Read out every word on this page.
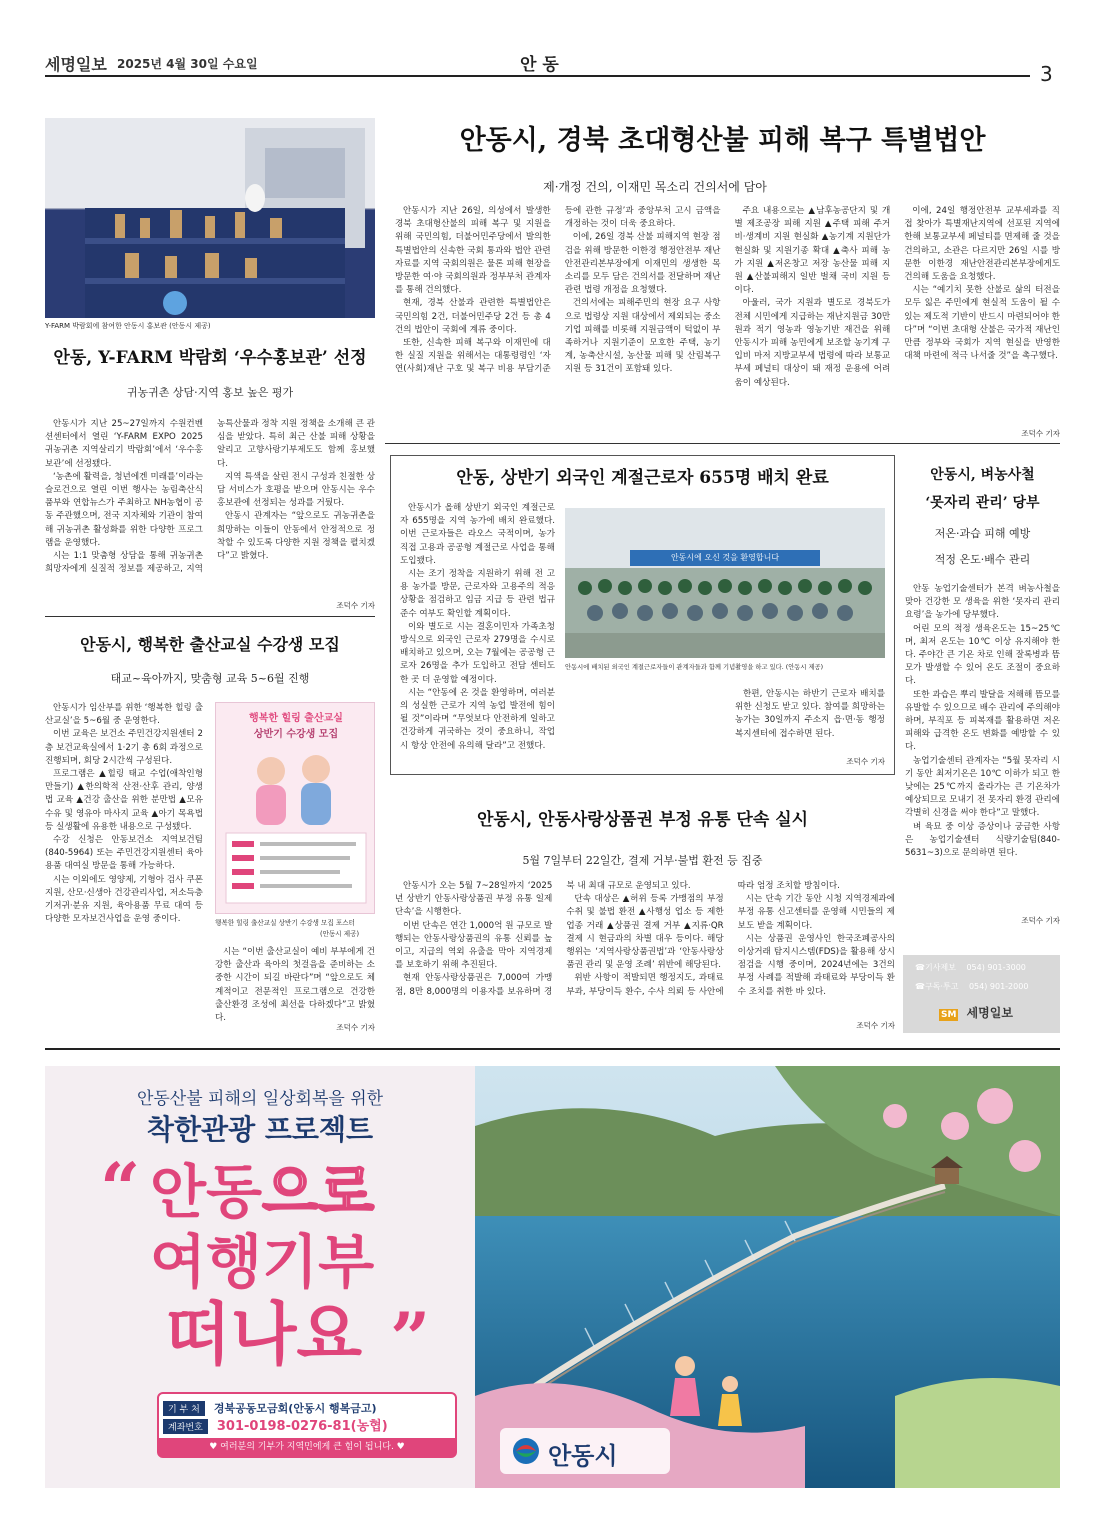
세명일보 2025년 4월 30일 수요일	안 동	3
Y-FARM 박람회에 참여한 안동시 홍보관 (안동시 제공)
안동, Y-FARM 박람회 ‘우수홍보관’ 선정
귀농귀촌 상담·지역 홍보 높은 평가

안동시가 지난 25~27일까지 수원컨벤션센터에서 열린 ‘Y-FARM EXPO 2025 귀농귀촌 지역살리기 박람회’에서 ‘우수홍보관’에 선정됐다.

‘농촌에 활력을, 청년에겐 미래를’이라는 슬로건으로 열린 이번 행사는 농림축산식품부와 연합뉴스가 주최하고 NH농협이 공동 주관했으며, 전국 지자체와 기관이 참여해 귀농귀촌 활성화를 위한 다양한 프로그램을 운영했다.

시는 1:1 맞춤형 상담을 통해 귀농귀촌 희망자에게 실질적 정보를 제공하고, 지역 농특산물과 정착 지원 정책을 소개해 큰 관심을 받았다. 특히 최근 산불 피해 상황을 알리고 고향사랑기부제도도 함께 홍보했다.

지역 특색을 살린 전시 구성과 친절한 상담 서비스가 호평을 받으며 안동시는 우수홍보관에 선정되는 성과를 거뒀다.

안동시 관계자는 “앞으로도 귀농귀촌을 희망하는 이들이 안동에서 안정적으로 정착할 수 있도록 다양한 지원 정책을 펼치겠다”고 밝혔다.

조덕수 기자
안동시, 행복한 출산교실 수강생 모집
태교~육아까지, 맞춤형 교육 5~6월 진행

안동시가 임산부를 위한 ‘행복한 힐링 출산교실’을 5~6월 중 운영한다.

이번 교육은 보건소 주민건강지원센터 2층 보건교육실에서 1·2기 총 6회 과정으로 진행되며, 회당 2시간씩 구성된다.

프로그램은 ▲힐링 태교 수업(애착인형 만들기) ▲한의학적 산전·산후 관리, 양생법 교육 ▲건강 출산을 위한 분만법 ▲모유수유 및 영유아 마사지 교육 ▲아기 목욕법 등 실생활에 유용한 내용으로 구성됐다.

수강 신청은 안동보건소 지역보건팀(840-5964) 또는 주민건강지원센터 육아용품 대여실 방문을 통해 가능하다.

시는 이외에도 영양제, 기형아 검사 쿠폰 지원, 산모·신생아 건강관리사업, 저소득층 기저귀·분유 지원, 육아용품 무료 대여 등 다양한 모자보건사업을 운영 중이다.

행복한 힐링 출산교실
상반기 수강생 모집
행복한 힐링 출산교실 상반기 수강생 모집 포스터
(안동시 제공)

시는 “이번 출산교실이 예비 부부에게 건강한 출산과 육아의 첫걸음을 준비하는 소중한 시간이 되길 바란다”며 “앞으로도 체계적이고 전문적인 프로그램으로 건강한 출산환경 조성에 최선을 다하겠다”고 밝혔다.

조덕수 기자
안동시, 경북 초대형산불 피해 복구 특별법안
제·개정 건의, 이재민 목소리 건의서에 담아

안동시가 지난 26일, 의성에서 발생한 경북 초대형산불의 피해 복구 및 지원을 위해 국민의힘, 더불어민주당에서 발의한 특별법안의 신속한 국회 통과와 법안 관련 자료를 지역 국회의원은 물론 피해 현장을 방문한 여·야 국회의원과 정부부처 관계자를 통해 건의했다.

현재, 경북 산불과 관련한 특별법안은 국민의힘 2건, 더불어민주당 2건 등 총 4건의 법안이 국회에 계류 중이다.

또한, 신속한 피해 복구와 이재민에 대한 실질 지원을 위해서는 대통령령인 ‘자연(사회)재난 구호 및 복구 비용 부담기준 등에 관한 규정’과 중앙부처 고시 금액을 개정하는 것이 더욱 중요하다.

이에, 26일 경북 산불 피해지역 현장 점검을 위해 방문한 이한경 행정안전부 재난안전관리본부장에게 이재민의 생생한 목소리를 모두 담은 건의서를 전달하며 재난 관련 법령 개정을 요청했다.

건의서에는 피해주민의 현장 요구 사항으로 법령상 지원 대상에서 제외되는 중소기업 피해를 비롯해 지원금액이 턱없이 부족하거나 지원기준이 모호한 주택, 농기계, 농축산시설, 농산물 피해 및 산림복구 지원 등 31건이 포함돼 있다.

주요 내용으로는 ▲남후농공단지 및 개별 제조공장 피해 지원 ▲주택 피해 주거비·생계비 지원 현실화 ▲농기계 지원단가 현실화 및 지원기종 확대 ▲축사 피해 농가 지원 ▲저온창고 저장 농산물 피해 지원 ▲산불피해지 일반 벌채 국비 지원 등이다.

아울러, 국가 지원과 별도로 경북도가 전체 시민에게 지급하는 재난지원금 30만 원과 적기 영농과 영농기반 재건을 위해 안동시가 피해 농민에게 보조할 농기계 구입비 마저 지방교부세 법령에 따라 보통교부세 페널티 대상이 돼 재정 운용에 어려움이 예상된다.

이에, 24일 행정안전부 교부세과를 직접 찾아가 특별재난지역에 선포된 지역에 한해 보통교부세 페널티를 면제해 줄 것을 건의하고, 소관은 다르지만 26일 시를 방문한 이한경 재난안전관리본부장에게도 건의해 도움을 요청했다.

시는 “예기치 못한 산불로 삶의 터전을 모두 잃은 주민에게 현실적 도움이 될 수 있는 제도적 기반이 반드시 마련되어야 한다”며 “이번 초대형 산불은 국가적 재난인 만큼 정부와 국회가 지역 현실을 반영한 대책 마련에 적극 나서줄 것”을 촉구했다.

조덕수 기자
안동, 상반기 외국인 계절근로자 655명 배치 완료

안동시가 올해 상반기 외국인 계절근로자 655명을 지역 농가에 배치 완료했다. 이번 근로자들은 라오스 국적이며, 농가 직접 고용과 공공형 계절근로 사업을 통해 도입됐다.

시는 조기 정착을 지원하기 위해 전 고용 농가를 방문, 근로자와 고용주의 적응 상황을 점검하고 임금 지급 등 관련 법규 준수 여부도 확인할 계획이다.

이와 별도로 시는 결혼이민자 가족초청 방식으로 외국인 근로자 279명을 수시로 배치하고 있으며, 오는 7월에는 공공형 근로자 26명을 추가 도입하고 전담 센터도 한 곳 더 운영할 예정이다.

시는 “안동에 온 것을 환영하며, 여러분의 성실한 근로가 지역 농업 발전에 힘이 될 것”이라며 “무엇보다 안전하게 일하고 건강하게 귀국하는 것이 중요하니, 작업 시 항상 안전에 유의해 달라”고 전했다.

안동시에 오신 것을 환영합니다
안동시에 배치된 외국인 계절근로자들이 관계자들과 함께 기념촬영을 하고 있다. (안동시 제공)

한편, 안동시는 하반기 근로자 배치를 위한 신청도 받고 있다. 참여를 희망하는 농가는 30일까지 주소지 읍·면·동 행정복지센터에 접수하면 된다.

조덕수 기자
안동시, 벼농사철
‘못자리 관리’ 당부
저온·과습 피해 예방
적정 온도·배수 관리

안동 농업기술센터가 본격 벼농사철을 맞아 건강한 모 생육을 위한 ‘못자리 관리 요령’을 농가에 당부했다.

어린 모의 적정 생육온도는 15~25℃며, 최저 온도는 10℃ 이상 유지해야 한다. 주야간 큰 기온 차로 인해 잘록병과 뜸모가 발생할 수 있어 온도 조절이 중요하다.

또한 과습은 뿌리 발달을 저해해 뜸모를 유발할 수 있으므로 배수 관리에 주의해야 하며, 부직포 등 피복재를 활용하면 저온 피해와 급격한 온도 변화를 예방할 수 있다.

농업기술센터 관계자는 “5월 못자리 시기 동안 최저기온은 10℃ 이하가 되고 한낮에는 25℃까지 올라가는 큰 기온차가 예상되므로 모내기 전 못자리 환경 관리에 각별히 신경을 써야 한다”고 말했다.

벼 육묘 중 이상 증상이나 궁금한 사항은 농업기술센터 식량기술팀(840-5631~3)으로 문의하면 된다.

조덕수 기자
☎기사제보 054) 901-3000
☎구독·투고 054) 901-2000
SM 세명일보
안동시, 안동사랑상품권 부정 유통 단속 실시
5월 7일부터 22일간, 결제 거부·불법 환전 등 집중

안동시가 오는 5월 7~28일까지 ‘2025년 상반기 안동사랑상품권 부정 유통 일제 단속’을 시행한다.

이번 단속은 연간 1,000억 원 규모로 발행되는 안동사랑상품권의 유통 신뢰를 높이고, 지급의 역외 유출을 막아 지역경제를 보호하기 위해 추진된다.

현재 안동사랑상품권은 7,000여 가맹점, 8만 8,000명의 이용자를 보유하며 경북 내 최대 규모로 운영되고 있다.

단속 대상은 ▲허위 등록 가맹점의 부정 수취 및 불법 환전 ▲사행성 업소 등 제한업종 거래 ▲상품권 결제 거부 ▲지류·QR 결제 시 현금과의 차별 대우 등이다. 해당 행위는 ‘지역사랑상품권법’과 ‘안동사랑상품권 관리 및 운영 조례’ 위반에 해당된다.

위반 사항이 적발되면 행정지도, 과태료 부과, 부당이득 환수, 수사 의뢰 등 사안에 따라 엄정 조치할 방침이다.

시는 단속 기간 동안 시청 지역경제과에 부정 유통 신고센터를 운영해 시민들의 제보도 받을 계획이다.

시는 상품권 운영사인 한국조폐공사의 이상거래 탐지시스템(FDS)을 활용해 상시 점검을 시행 중이며, 2024년에는 3건의 부정 사례를 적발해 과태료와 부당이득 환수 조치를 취한 바 있다.

조덕수 기자
안동산불 피해의 일상회복을 위한
착한관광 프로젝트
“ 안동으로
여행기부
떠나요 ”
기 부 처 경북공동모금회(안동시 행복금고)
계좌번호 301-0198-0276-81(농협)
♥ 여러분의 기부가 지역민에게 큰 힘이 됩니다. ♥	안동시
